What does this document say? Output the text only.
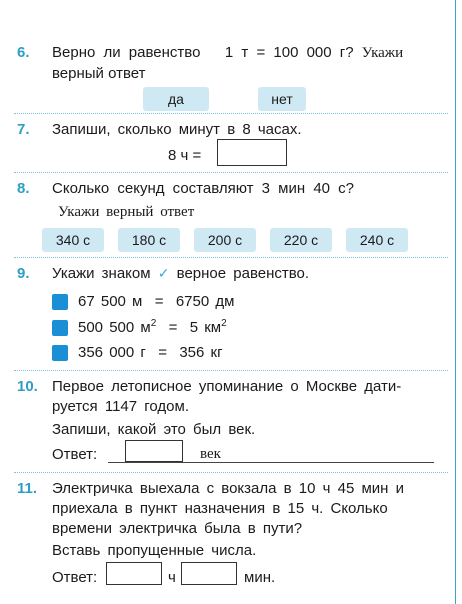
6.	Верно ли равенство 1 т = 100 000 г? Укажи
верный ответ
да	нет
7.	Запиши, сколько минут в 8 часах.
8 ч =
8.	Сколько секунд составляют 3 мин 40 с?
Укажи верный ответ
340 с	180 с	200 с	220 с	240 с
9.	Укажи знаком ✓ верное равенство.
67 500 м = 6750 дм
500 500 $м^2 = 5$ $км^2$
356 000 г = 356 кг
10. Первое летописное упоминание о Москве дати-
руется 1147 годом.
Запиши, какой это был век.
Ответ:	век
11. Электричка выехала с вокзала в 10 ч 45 мин и
приехала в пункт назначения в 15 ч. Сколько
времени электричка была в пути?
Вставь пропущенные числа.
Ответ:	ч	мин.
